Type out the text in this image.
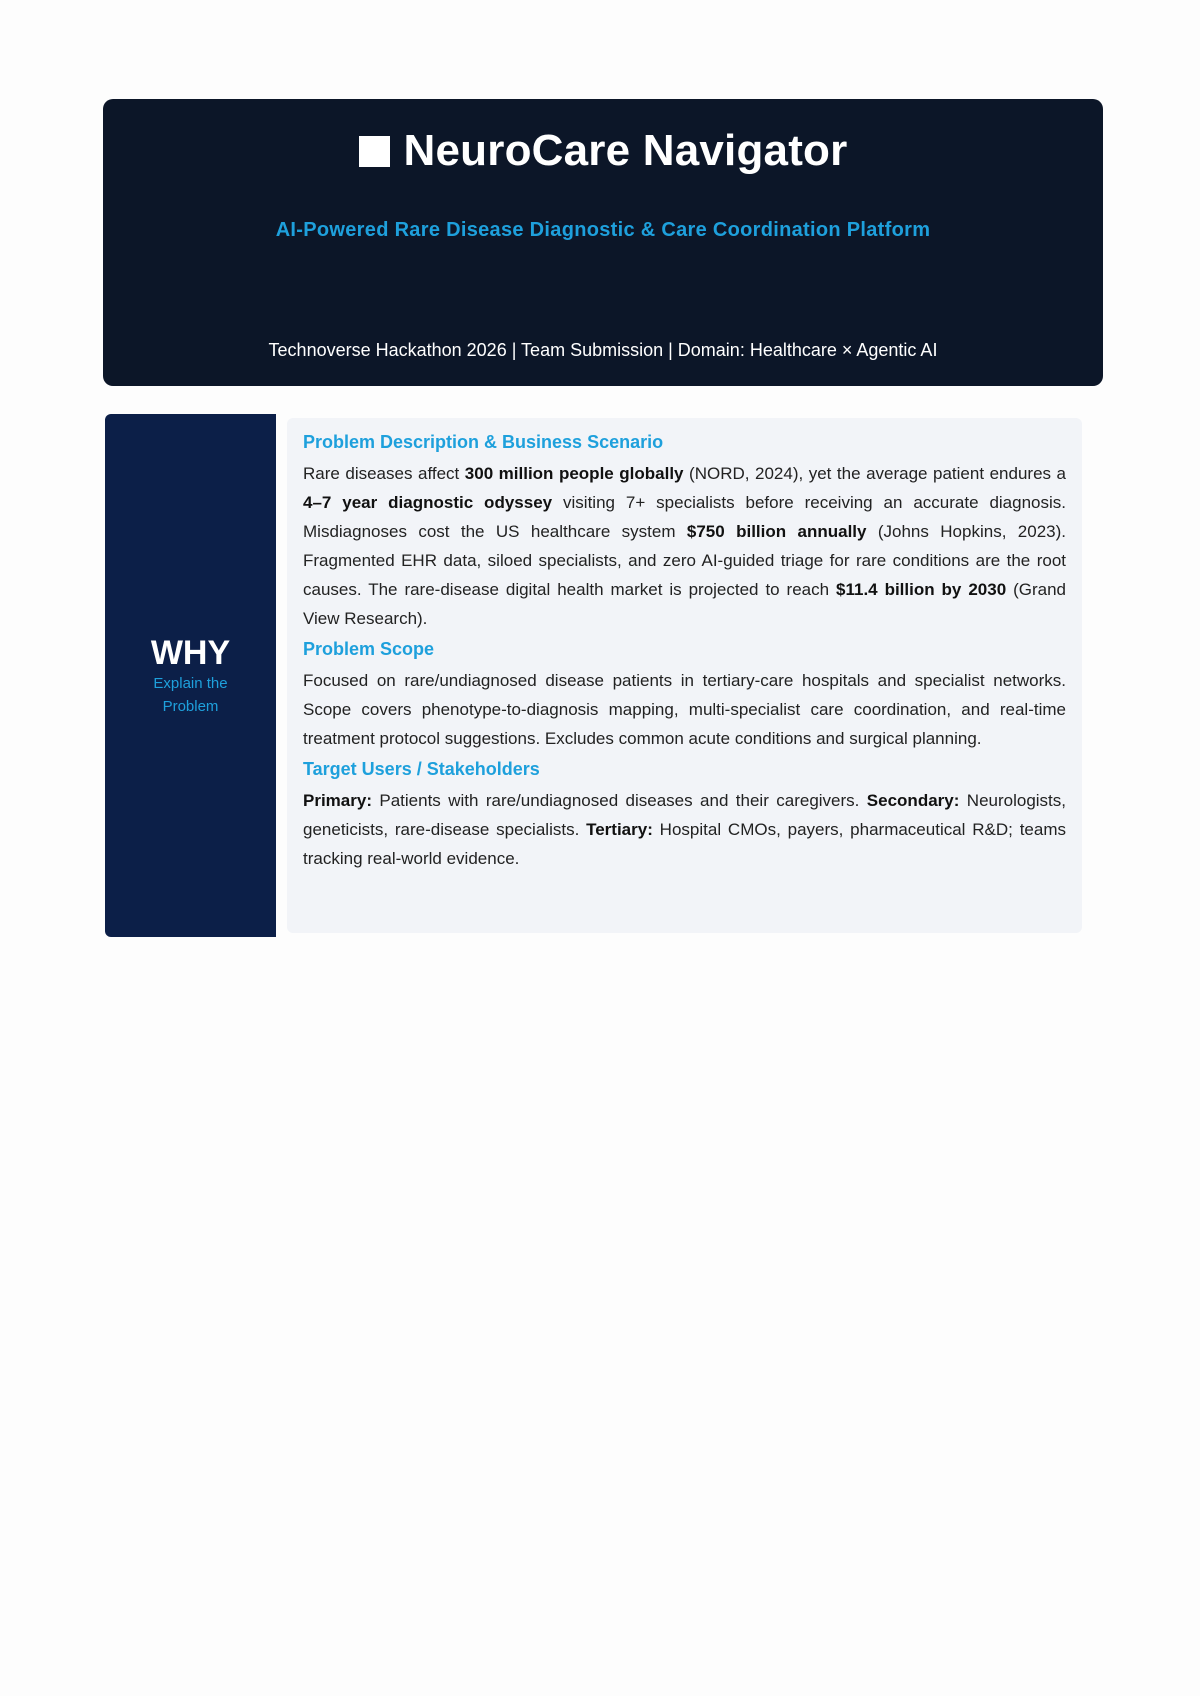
NeuroCare Navigator
AI-Powered Rare Disease Diagnostic & Care Coordination Platform
Technoverse Hackathon 2026 | Team Submission | Domain: Healthcare × Agentic AI
WHY
Explain the Problem
Problem Description & Business Scenario

Rare diseases affect 300 million people globally (NORD, 2024), yet the average patient endures a 4–7 year diagnostic odyssey visiting 7+ specialists before receiving an accurate diagnosis. Misdiagnoses cost the US healthcare system $750 billion annually (Johns Hopkins, 2023). Fragmented EHR data, siloed specialists, and zero AI-guided triage for rare conditions are the root causes. The rare-disease digital health market is projected to reach $11.4 billion by 2030 (Grand View Research).

Problem Scope

Focused on rare/undiagnosed disease patients in tertiary-care hospitals and specialist networks. Scope covers phenotype-to-diagnosis mapping, multi-specialist care coordination, and real-time treatment protocol suggestions. Excludes common acute conditions and surgical planning.

Target Users / Stakeholders

Primary: Patients with rare/undiagnosed diseases and their caregivers. Secondary: Neurologists, geneticists, rare-disease specialists. Tertiary: Hospital CMOs, payers, pharmaceutical R&D; teams tracking real-world evidence.
